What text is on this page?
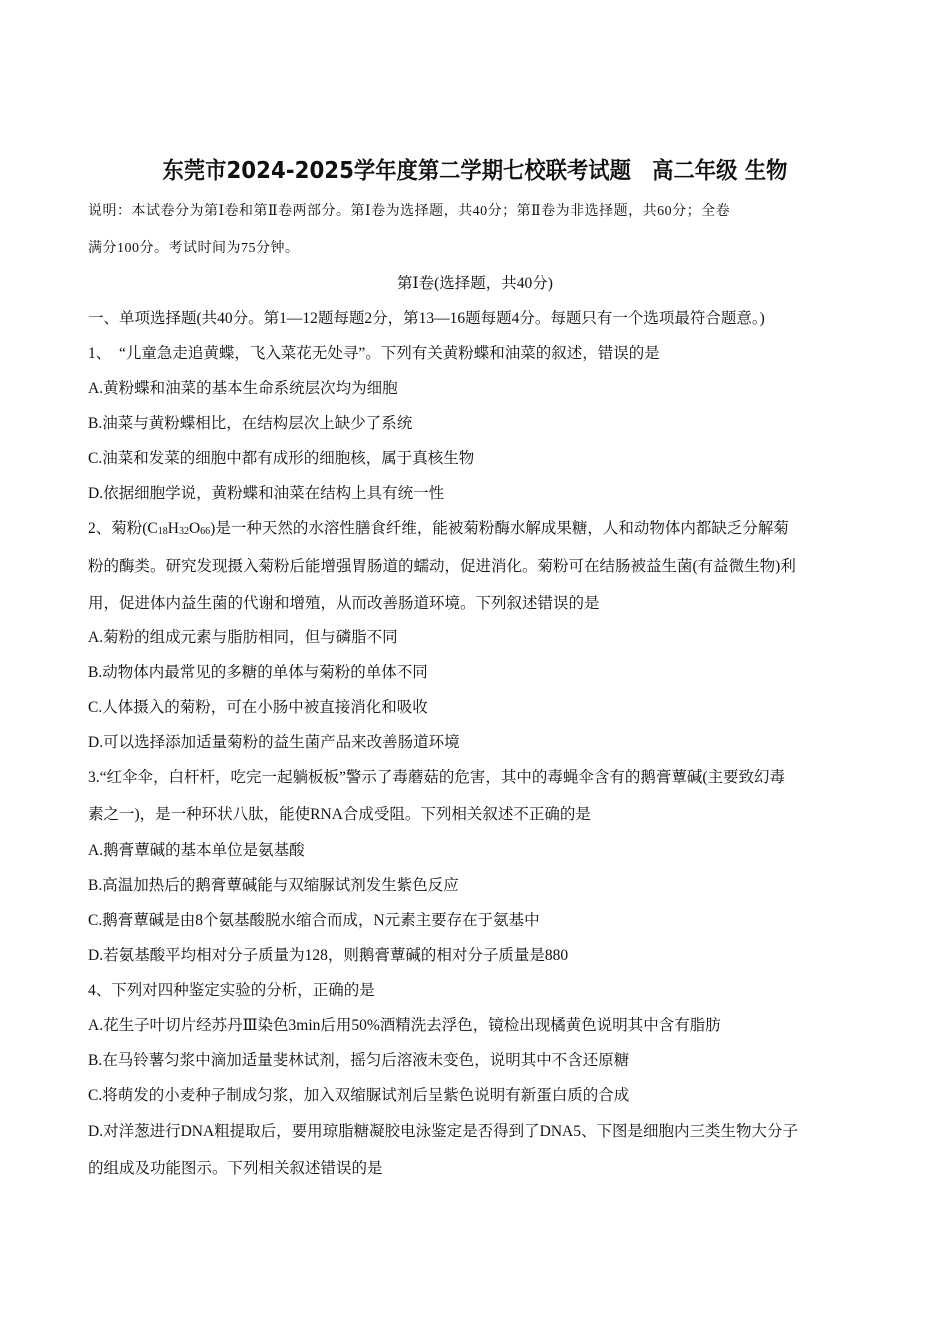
东莞市2024-2025学年度第二学期七校联考试题　高二年级 生物
说明：本试卷分为第Ⅰ卷和第Ⅱ卷两部分。第Ⅰ卷为选择题，共40分；第Ⅱ卷为非选择题，共60分；全卷
满分100分。考试时间为75分钟。
第Ⅰ卷(选择题，共40分)
一、单项选择题(共40分。第1—12题每题2分，第13—16题每题4分。每题只有一个选项最符合题意。)
1、　“儿童急走追黄蝶，飞入菜花无处寻”。下列有关黄粉蝶和油菜的叙述，错误的是
A.黄粉蝶和油菜的基本生命系统层次均为细胞
B.油菜与黄粉蝶相比，在结构层次上缺少了系统
C.油菜和发菜的细胞中都有成形的细胞核，属于真核生物
D.依据细胞学说，黄粉蝶和油菜在结构上具有统一性
2、菊粉(C18H32O66)是一种天然的水溶性膳食纤维，能被菊粉酶水解成果糖，人和动物体内都缺乏分解菊
粉的酶类。研究发现摄入菊粉后能增强胃肠道的蠕动，促进消化。菊粉可在结肠被益生菌(有益微生物)利
用，促进体内益生菌的代谢和增殖，从而改善肠道环境。下列叙述错误的是
A.菊粉的组成元素与脂肪相同，但与磷脂不同
B.动物体内最常见的多糖的单体与菊粉的单体不同
C.人体摄入的菊粉，可在小肠中被直接消化和吸收
D.可以选择添加适量菊粉的益生菌产品来改善肠道环境
3.“红伞伞，白杆杆，吃完一起躺板板”警示了毒蘑菇的危害，其中的毒蝇伞含有的鹅膏蕈碱(主要致幻毒
素之一)，是一种环状八肽，能使RNA合成受阻。下列相关叙述不正确的是
A.鹅膏蕈碱的基本单位是氨基酸
B.高温加热后的鹅膏蕈碱能与双缩脲试剂发生紫色反应
C.鹅膏蕈碱是由8个氨基酸脱水缩合而成，N元素主要存在于氨基中
D.若氨基酸平均相对分子质量为128，则鹅膏蕈碱的相对分子质量是880
4、下列对四种鉴定实验的分析，正确的是
A.花生子叶切片经苏丹Ⅲ染色3min后用50%酒精洗去浮色，镜检出现橘黄色说明其中含有脂肪
B.在马铃薯匀浆中滴加适量斐林试剂，摇匀后溶液未变色，说明其中不含还原糖
C.将萌发的小麦种子制成匀浆，加入双缩脲试剂后呈紫色说明有新蛋白质的合成
D.对洋葱进行DNA粗提取后，要用琼脂糖凝胶电泳鉴定是否得到了DNA5、下图是细胞内三类生物大分子
的组成及功能图示。下列相关叙述错误的是
